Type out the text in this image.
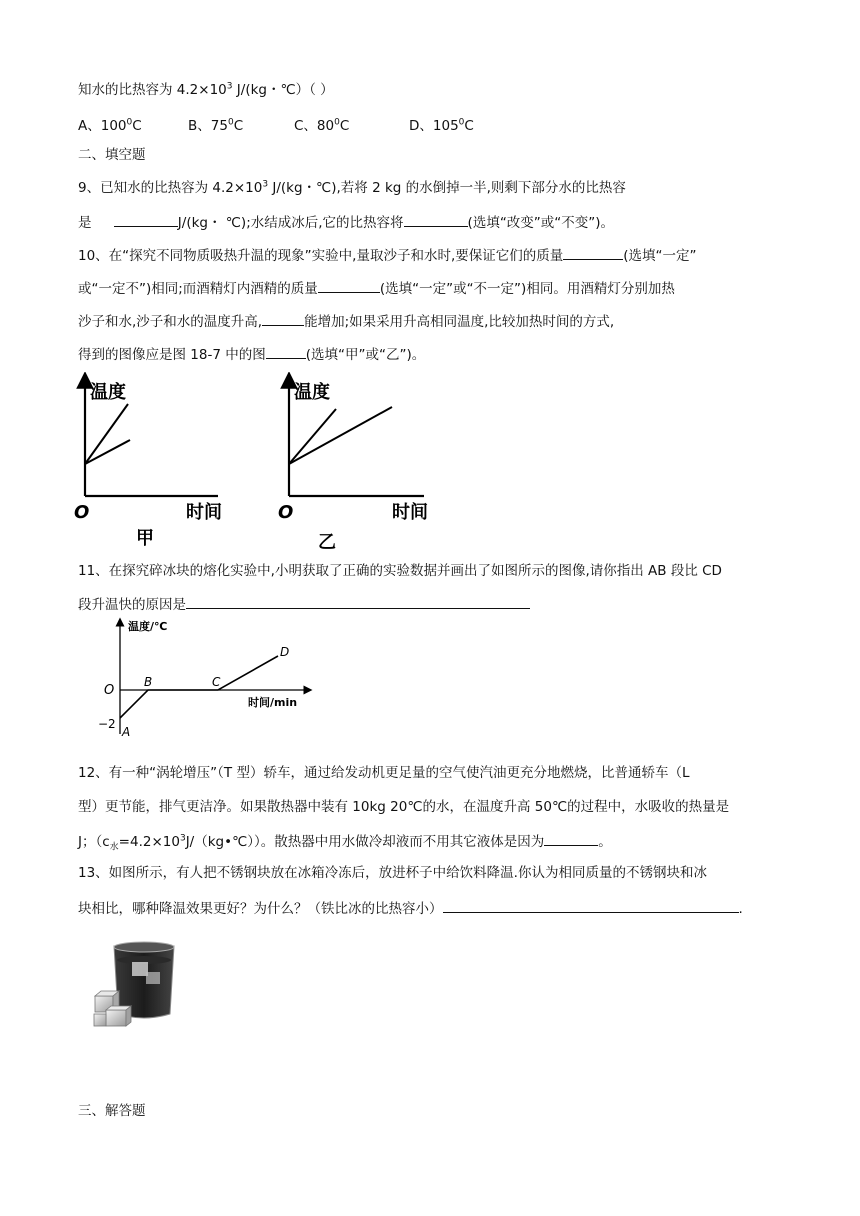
知水的比热容为 $4.2\times 10^3$ J/(kg・℃）（ ）
A、$100^0C$	B、$75^0C$	C、$80^0C$	D、$105^0C$
二、填空题
9、已知水的比热容为 $4.2\times 10^3$ J/(kg・℃),若将 2 kg 的水倒掉一半,则剩下部分水的比热容
是	J/(kg・ ℃);水结成冰后,它的比热容将	(选填“改变”或“不变”)。
10、在“探究不同物质吸热升温的现象”实验中,量取沙子和水时,要保证它们的质量	(选填“一定”
或“一定不”)相同;而酒精灯内酒精的质量	(选填“一定”或“不一定”)相同。用酒精灯分别加热
沙子和水,沙子和水的温度升高,	能增加;如果采用升高相同温度,比较加热时间的方式,
得到的图像应是图 18-7 中的图	(选填“甲”或“乙”)。
温度
O	时间
甲
温度
O	时间
乙
11、在探究碎冰块的熔化实验中,小明获取了正确的实验数据并画出了如图所示的图像,请你指出 AB 段比 CD
段升温快的原因是
温度/℃
时间/min
O
−2
A
B	C
D
12、有一种“涡轮增压”（T 型）轿车，通过给发动机更足量的空气使汽油更充分地燃烧，比普通轿车（L
型）更节能，排气更洁净。如果散热器中装有 10kg 20℃的水，在温度升高 50℃的过程中，水吸收的热量是
J；$(c_水=4.2\times 10^3J/(kg•℃))$。散热器中用水做冷却液而不用其它液体是因为	。
13、如图所示，有人把不锈钢块放在冰箱冷冻后，放进杯子中给饮料降温.你认为相同质量的不锈钢块和冰
块相比，哪种降温效果更好？为什么？（铁比冰的比热容小）	.
三、解答题
